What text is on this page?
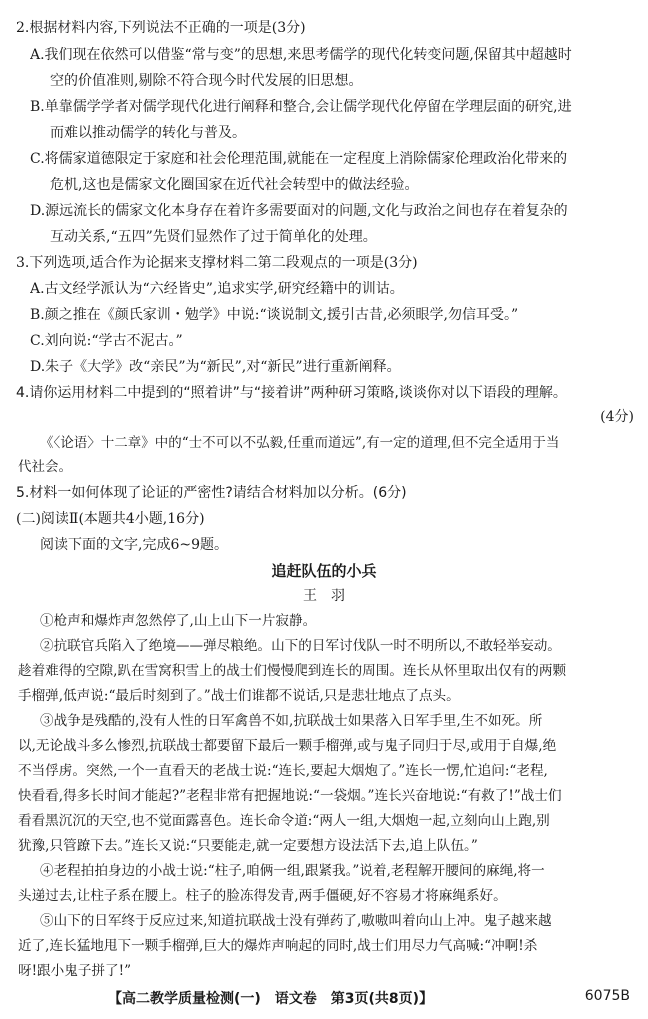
2.根据材料内容,下列说法不正确的一项是(3分)
A.我们现在依然可以借鉴“常与变”的思想,来思考儒学的现代化转变问题,保留其中超越时
空的价值准则,剔除不符合现今时代发展的旧思想。
B.单靠儒学学者对儒学现代化进行阐释和整合,会让儒学现代化停留在学理层面的研究,进
而难以推动儒学的转化与普及。
C.将儒家道德限定于家庭和社会伦理范围,就能在一定程度上消除儒家伦理政治化带来的
危机,这也是儒家文化圈国家在近代社会转型中的做法经验。
D.源远流长的儒家文化本身存在着许多需要面对的问题,文化与政治之间也存在着复杂的
互动关系,“五四”先贤们显然作了过于简单化的处理。
3.下列选项,适合作为论据来支撑材料二第二段观点的一项是(3分)
A.古文经学派认为“六经皆史”,追求实学,研究经籍中的训诂。
B.颜之推在《颜氏家训・勉学》中说:“谈说制文,援引古昔,必须眼学,勿信耳受。”
C.刘向说:“学古不泥古。”
D.朱子《大学》改“亲民”为“新民”,对“新民”进行重新阐释。
4.请你运用材料二中提到的“照着讲”与“接着讲”两种研习策略,谈谈你对以下语段的理解。
(4分)
《〈论语〉十二章》中的“士不可以不弘毅,任重而道远”,有一定的道理,但不完全适用于当
代社会。
5.材料一如何体现了论证的严密性?请结合材料加以分析。(6分)
(二)阅读Ⅱ(本题共4小题,16分)
阅读下面的文字,完成6~9题。
追赶队伍的小兵
王　羽
①枪声和爆炸声忽然停了,山上山下一片寂静。
②抗联官兵陷入了绝境——弹尽粮绝。山下的日军讨伐队一时不明所以,不敢轻举妄动。
趁着难得的空隙,趴在雪窝积雪上的战士们慢慢爬到连长的周围。连长从怀里取出仅有的两颗
手榴弹,低声说:“最后时刻到了。”战士们谁都不说话,只是悲壮地点了点头。
③战争是残酷的,没有人性的日军禽兽不如,抗联战士如果落入日军手里,生不如死。所
以,无论战斗多么惨烈,抗联战士都要留下最后一颗手榴弹,或与鬼子同归于尽,或用于自爆,绝
不当俘虏。突然,一个一直看天的老战士说:“连长,要起大烟炮了。”连长一愣,忙追问:“老程,
快看看,得多长时间才能起?”老程非常有把握地说:“一袋烟。”连长兴奋地说:“有救了!”战士们
看看黑沉沉的天空,也不觉面露喜色。连长命令道:“两人一组,大烟炮一起,立刻向山上跑,别
犹豫,只管蹽下去。”连长又说:“只要能走,就一定要想方设法活下去,追上队伍。”
④老程拍拍身边的小战士说:“柱子,咱俩一组,跟紧我。”说着,老程解开腰间的麻绳,将一
头递过去,让柱子系在腰上。柱子的脸冻得发青,两手僵硬,好不容易才将麻绳系好。
⑤山下的日军终于反应过来,知道抗联战士没有弹药了,嗷嗷叫着向山上冲。鬼子越来越
近了,连长猛地甩下一颗手榴弹,巨大的爆炸声响起的同时,战士们用尽力气高喊:“冲啊!杀
呀!跟小鬼子拼了!”
【高二教学质量检测(一)　语文卷　第3页(共8页)】	6075B
